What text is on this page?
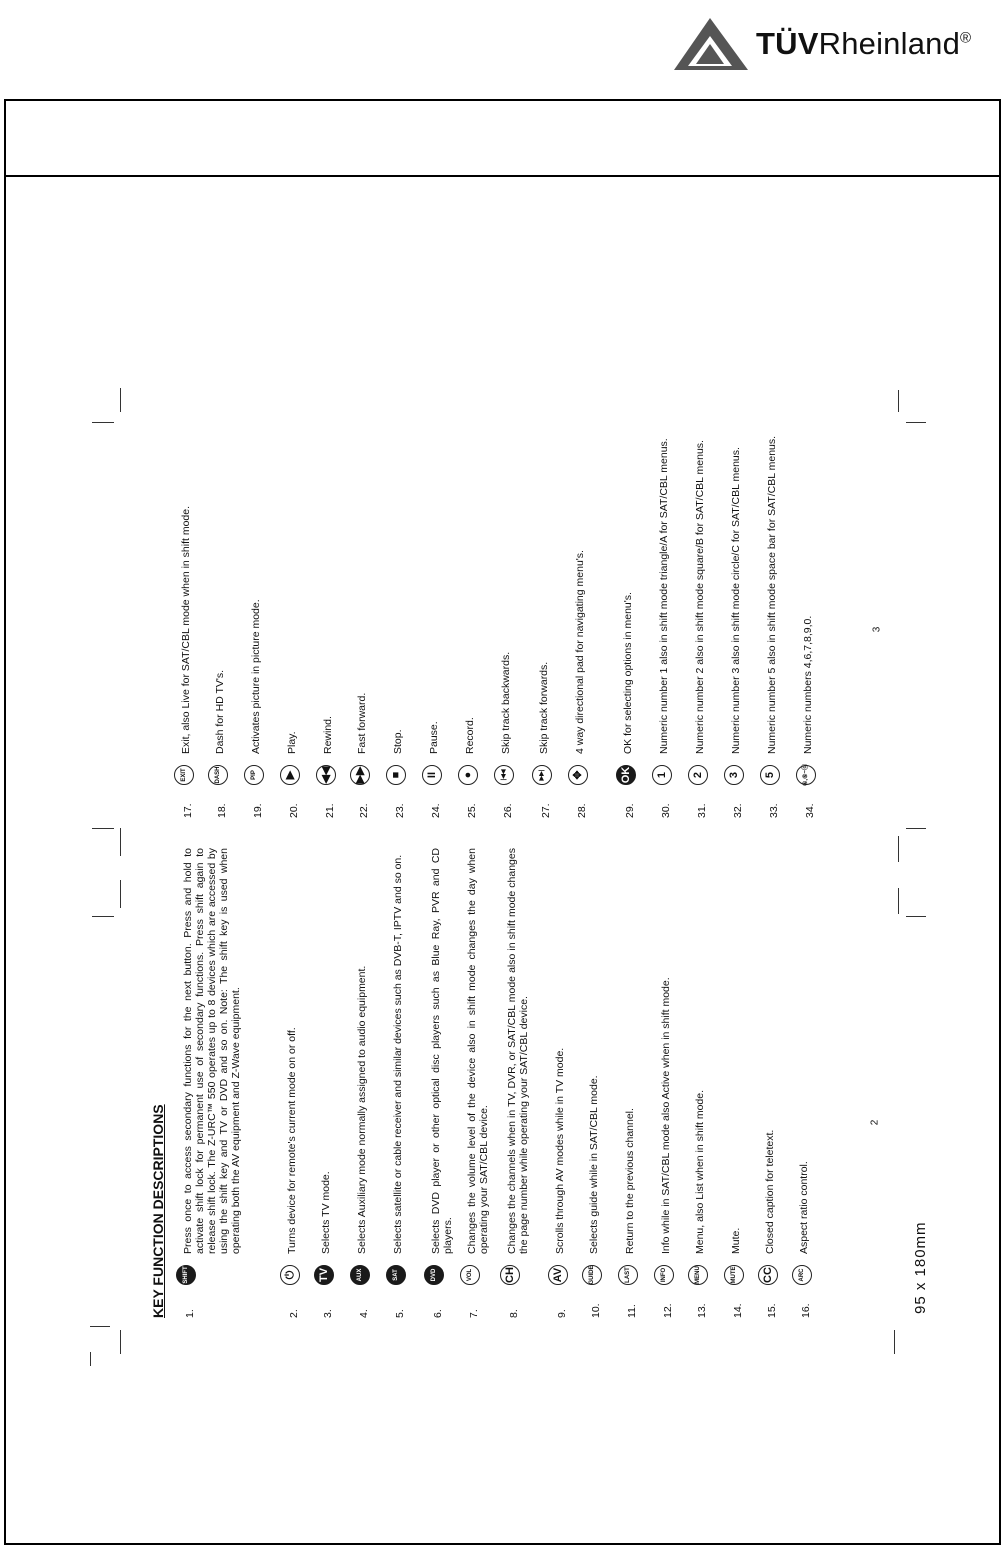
TÜVRheinland®
KEY FUNCTION DESCRIPTIONS	1.
SHIFT
Press once to access secondary functions for the next button. Press and hold to activate shift lock for permanent use of secondary functions. Press shift again to release shift lock. The Z-URC™ 550 operates up to 8 devices which are accessed by using the shift key and TV or DVD and so on. Note: The shift key is used when operating both the AV equipment and Z-Wave equipment.
2.
⏻
Turns device for remote's current mode on or off.
3.
TV
Selects TV mode.
4.
AUX
Selects Auxiliary mode normally assigned to audio equipment.
5.
SAT
Selects satellite or cable receiver and similar devices such as DVB-T, IPTV and so on.
6.
DVD
Selects DVD player or other optical disc players such as Blue Ray, PVR and CD players.
7.
VOL
Changes the volume level of the device also in shift mode changes the day when operating your SAT/CBL device.
8.
CH
Changes the channels when in TV, DVR, or SAT/CBL mode also in shift mode changes the page number while operating your SAT/CBL device.
9.
AV
Scrolls through AV modes while in TV mode.
10.
GUIDE
Selects guide while in SAT/CBL mode.
11.
LAST
Return to the previous channel.
12.
INFO
Info while in SAT/CBL mode also Active when in shift mode.
13.
MENU
Menu, also List when in shift mode.
14.
MUTE
Mute.
15.
CC
Closed caption for teletext.
16.
ARC
Aspect ratio control.
17.
EXIT
Exit, also Live for SAT/CBL mode when in shift mode.
18.
DASH
Dash for HD TV's.
19.
PIP
Activates picture in picture mode.
20.
▶
Play.
21.
◀◀
Rewind.
22.
▶▶
Fast forward.
23.
■
Stop.
24.
II
Pause.
25.
●
Record.
26.
|◀◀
Skip track backwards.
27.
▶▶|
Skip track forwards.
28.
✥
4 way directional pad for navigating menu's.
29.
OK
OK for selecting options in menu's.
30.
1
Numeric number 1 also in shift mode triangle/A for SAT/CBL menus.
31.
2
Numeric number 2 also in shift mode square/B for SAT/CBL menus.
32.
3
Numeric number 3 also in shift mode circle/C for SAT/CBL menus.
33.
5
Numeric number 5 also in shift mode space bar for SAT/CBL menus.
34.
④,⑥~⓪
Numeric numbers 4,6,7,8,9,0.
2
3
95 x 180mm
